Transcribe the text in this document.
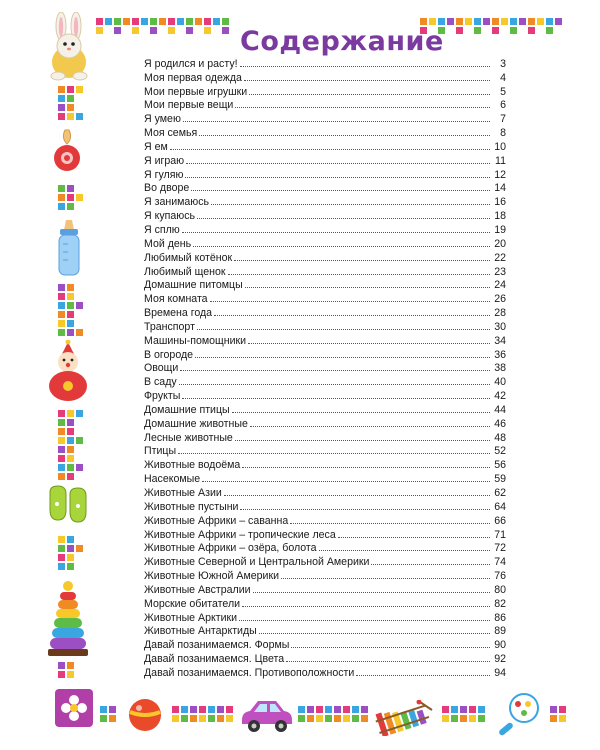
Содержание
Я родился и расту!	3
Моя первая одежда	4
Мои первые игрушки	5
Мои первые вещи	6
Я умею	7
Моя семья	8
Я ем	10
Я играю	11
Я гуляю	12
Во дворе	14
Я занимаюсь	16
Я купаюсь	18
Я сплю	19
Мой день	20
Любимый котёнок	22
Любимый щенок	23
Домашние питомцы	24
Моя комната	26
Времена года	28
Транспорт	30
Машины-помощники	34
В огороде	36
Овощи	38
В саду	40
Фрукты	42
Домашние птицы	44
Домашние животные	46
Лесные животные	48
Птицы	52
Животные водоёма	56
Насекомые	59
Животные Азии	62
Животные пустыни	64
Животные Африки – саванна	66
Животные Африки – тропические леса	71
Животные Африки – озёра, болота	72
Животные Северной и Центральной Америки	74
Животные Южной Америки	76
Животные Австралии	80
Морские обитатели	82
Животные Арктики	86
Животные Антарктиды	89
Давай позанимаемся. Формы	90
Давай позанимаемся. Цвета	92
Давай позанимаемся. Противоположности	94
